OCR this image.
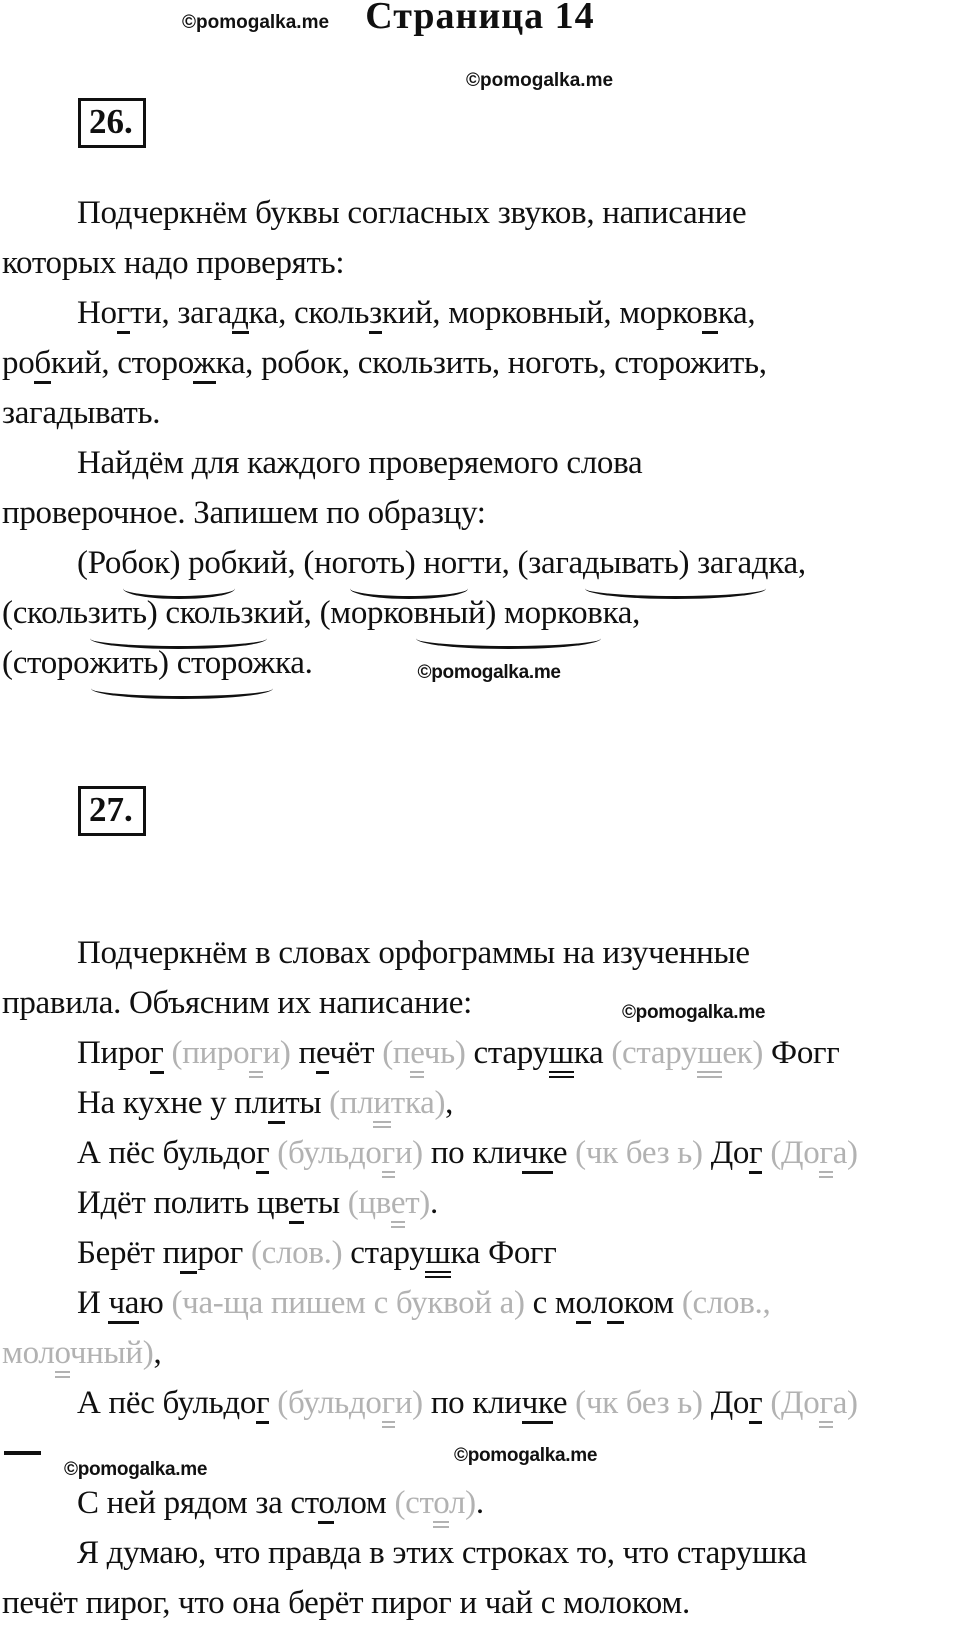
©pomogalka.me Страница 14
©pomogalka.me
26.
Подчеркнём буквы согласных звуков, написание
которых надо проверять:
Ногти, загадка, скользкий, морковный, морковка,
робкий, сторожка, робок, скользить, ноготь, сторожить,
загадывать.
Найдём для каждого проверяемого слова
проверочное. Запишем по образцу:
(Робок) робкий, (ноготь) ногти, (загадывать) загадка,
(скользить) скользкий, (морковный) морковка,
(сторожить) сторожка.	©pomogalka.me
27.
Подчеркнём в словах орфограммы на изученные
правила. Объясним их написание:	©pomogalka.me
Пирог (пироги) печёт (печь) старушка (старушек) Фогг
На кухне у плиты (плитка),
А пёс бульдог (бульдоги) по кличке (чк без ь) Дог (Дога)
Идёт полить цветы (цвет).
Берёт пирог (слов.) старушка Фогг
И чаю (ча-ща пишем с буквой а) с молоком (слов.,
молочный),
А пёс бульдог (бульдоги) по кличке (чк без ь) Дог (Дога)
©pomogalka.me
©pomogalka.me
С ней рядом за столом (стол).
Я думаю, что правда в этих строках то, что старушка
печёт пирог, что она берёт пирог и чай с молоком.
